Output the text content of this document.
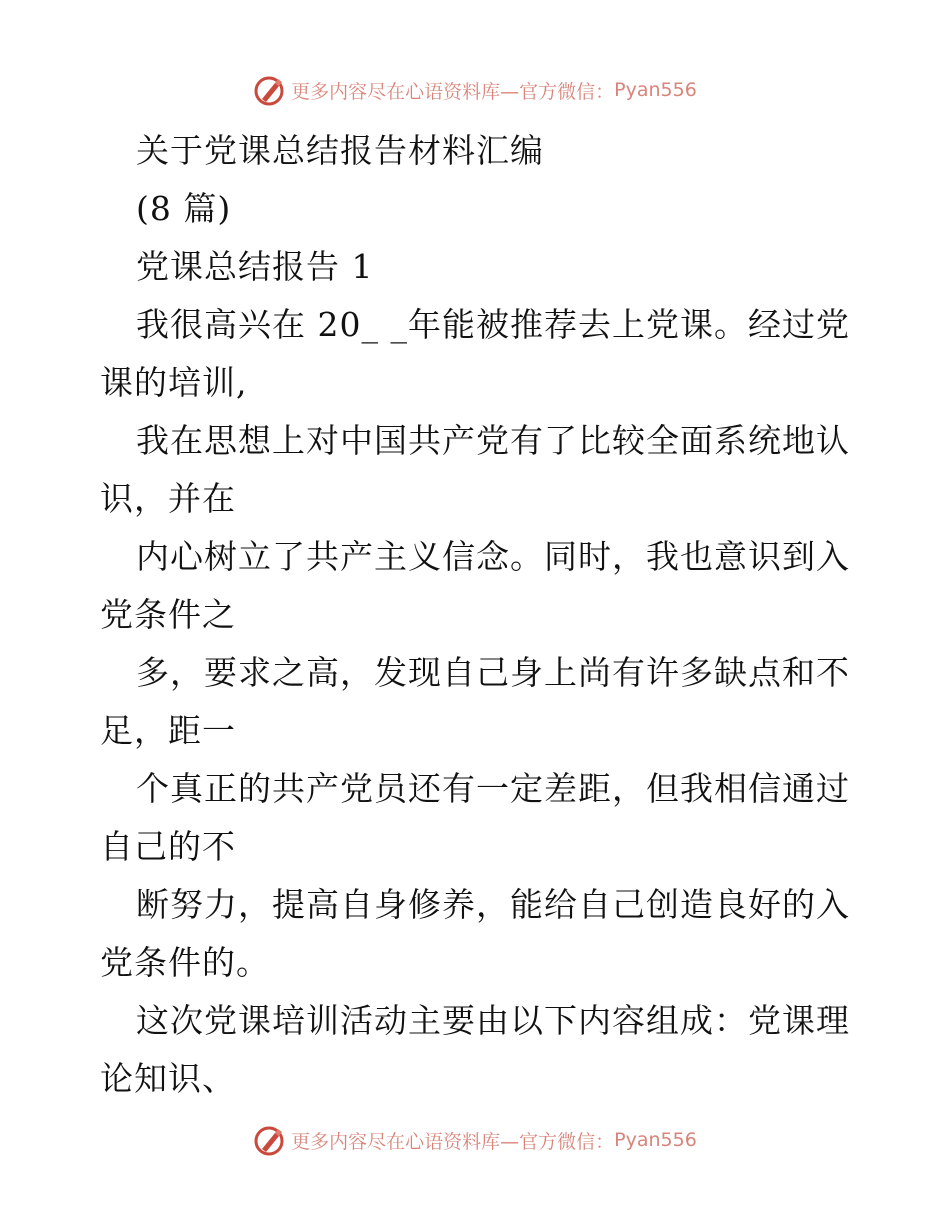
更多内容尽在心语资料库—官方微信： Pyan556
关于党课总结报告材料汇编
(8 篇)
党课总结报告 1
我很高兴在 20_ _年能被推荐去上党课。经过党
课的培训,
我在思想上对中国共产党有了比较全面系统地认
识，并在
内心树立了共产主义信念。同时，我也意识到入
党条件之
多，要求之高，发现自己身上尚有许多缺点和不
足，距一
个真正的共产党员还有一定差距，但我相信通过
自己的不
断努力，提高自身修养，能给自己创造良好的入
党条件的。
这次党课培训活动主要由以下内容组成：党课理
论知识、
更多内容尽在心语资料库—官方微信： Pyan556
